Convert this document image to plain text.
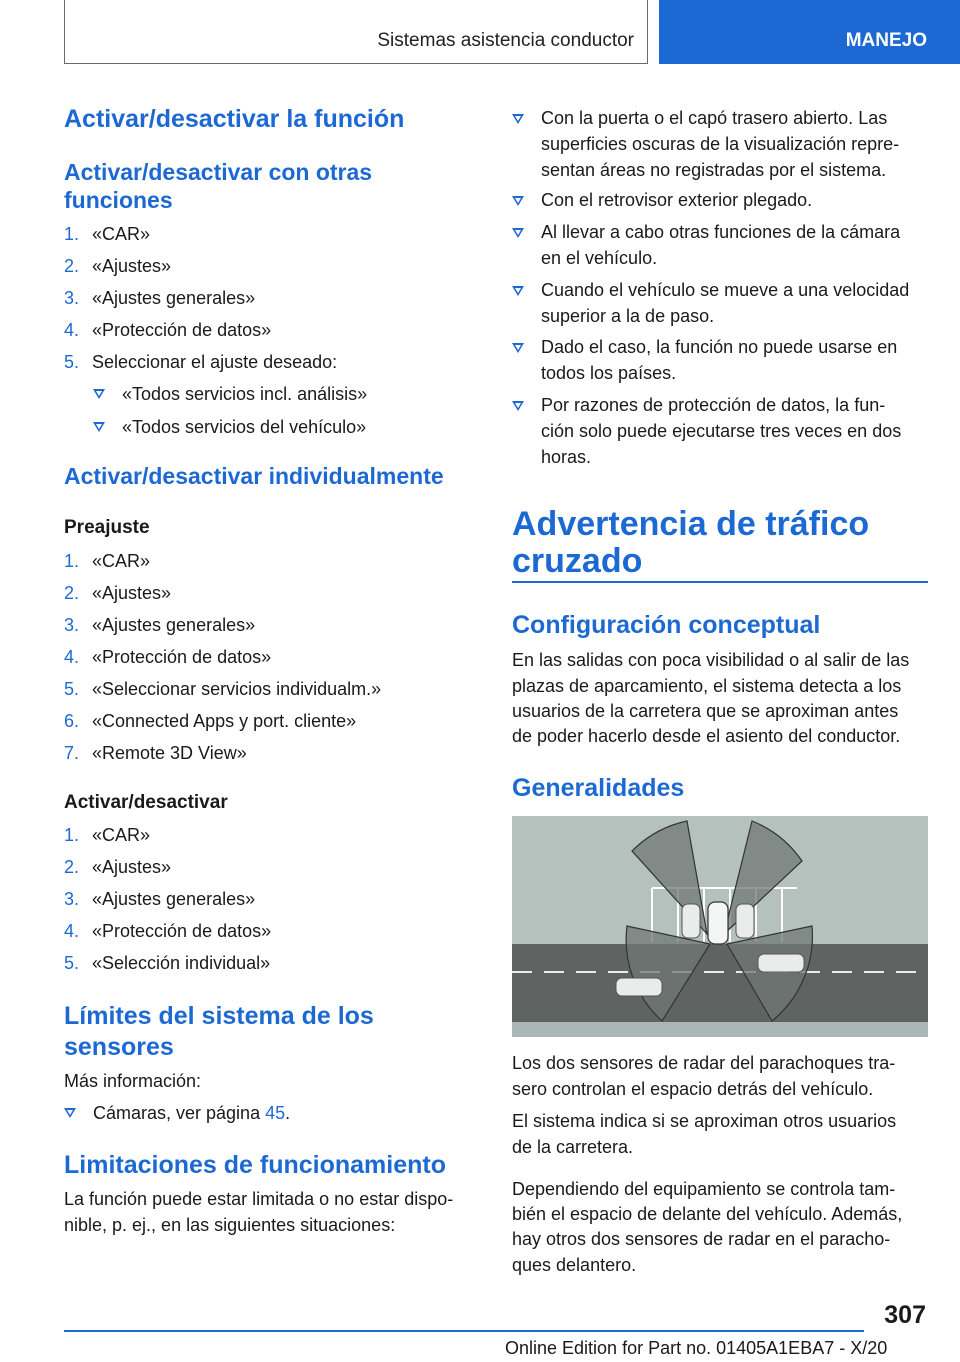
Sistemas asistencia conductor	MANEJO
Activar/desactivar la función
Activar/desactivar con otras
funciones
1. «CAR»
2. «Ajustes»
3. «Ajustes generales»
4. «Protección de datos»
5. Seleccionar el ajuste deseado:
«Todos servicios incl. análisis»
«Todos servicios del vehículo»
Activar/desactivar individualmente
Preajuste
1. «CAR»
2. «Ajustes»
3. «Ajustes generales»
4. «Protección de datos»
5. «Seleccionar servicios individualm.»
6. «Connected Apps y port. cliente»
7. «Remote 3D View»
Activar/desactivar
1. «CAR»
2. «Ajustes»
3. «Ajustes generales»
4. «Protección de datos»
5. «Selección individual»
Límites del sistema de los
sensores
Más información:
Cámaras, ver página 45.
Limitaciones de funcionamiento
La función puede estar limitada o no estar dispo‐
nible, p. ej., en las siguientes situaciones:
Con la puerta o el capó trasero abierto. Las
superficies oscuras de la visualización repre‐
sentan áreas no registradas por el sistema.
Con el retrovisor exterior plegado.
Al llevar a cabo otras funciones de la cámara
en el vehículo.
Cuando el vehículo se mueve a una velocidad
superior a la de paso.
Dado el caso, la función no puede usarse en
todos los países.
Por razones de protección de datos, la fun‐
ción solo puede ejecutarse tres veces en dos
horas.
Advertencia de tráfico
cruzado
Configuración conceptual
En las salidas con poca visibilidad o al salir de las
plazas de aparcamiento, el sistema detecta a los
usuarios de la carretera que se aproximan antes
de poder hacerlo desde el asiento del conductor.
Generalidades
Los dos sensores de radar del parachoques tra‐
sero controlan el espacio detrás del vehículo.
El sistema indica si se aproximan otros usuarios
de la carretera.
Dependiendo del equipamiento se controla tam‐
bién el espacio de delante del vehículo. Además,
hay otros dos sensores de radar en el paracho‐
ques delantero.
307
Online Edition for Part no. 01405A1EBA7 - X/20
